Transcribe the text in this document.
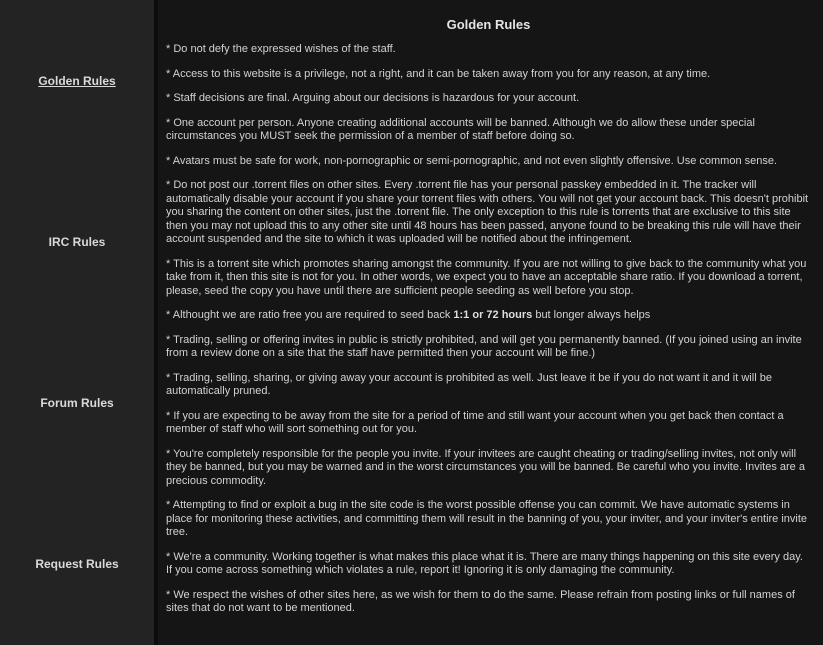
Golden Rules
IRC Rules
Forum Rules
Request Rules
Golden Rules

* Do not defy the expressed wishes of the staff.

* Access to this website is a privilege, not a right, and it can be taken away from you for any reason, at any time.

* Staff decisions are final. Arguing about our decisions is hazardous for your account.

* One account per person. Anyone creating additional accounts will be banned. Although we do allow these under special circumstances you MUST seek the permission of a member of staff before doing so.

* Avatars must be safe for work, non-pornographic or semi-pornographic, and not even slightly offensive. Use common sense.

* Do not post our .torrent files on other sites. Every .torrent file has your personal passkey embedded in it. The tracker will automatically disable your account if you share your torrent files with others. You will not get your account back. This doesn't prohibit you sharing the content on other sites, just the .torrent file. The only exception to this rule is torrents that are exclusive to this site then you may not upload this to any other site until 48 hours has been passed, anyone found to be breaking this rule will have their account suspended and the site to which it was uploaded will be notified about the infringement.

* This is a torrent site which promotes sharing amongst the community. If you are not willing to give back to the community what you take from it, then this site is not for you. In other words, we expect you to have an acceptable share ratio. If you download a torrent, please, seed the copy you have until there are sufficient people seeding as well before you stop.

* Althought we are ratio free you are required to seed back 1:1 or 72 hours but longer always helps

* Trading, selling or offering invites in public is strictly prohibited, and will get you permanently banned. (If you joined using an invite from a review done on a site that the staff have permitted then your account will be fine.)

* Trading, selling, sharing, or giving away your account is prohibited as well. Just leave it be if you do not want it and it will be automatically pruned.

* If you are expecting to be away from the site for a period of time and still want your account when you get back then contact a member of staff who will sort something out for you.

* You're completely responsible for the people you invite. If your invitees are caught cheating or trading/selling invites, not only will they be banned, but you may be warned and in the worst circumstances you will be banned. Be careful who you invite. Invites are a precious commodity.

* Attempting to find or exploit a bug in the site code is the worst possible offense you can commit. We have automatic systems in place for monitoring these activities, and committing them will result in the banning of you, your inviter, and your inviter's entire invite tree.

* We're a community. Working together is what makes this place what it is. There are many things happening on this site every day. If you come across something which violates a rule, report it! Ignoring it is only damaging the community.

* We respect the wishes of other sites here, as we wish for them to do the same. Please refrain from posting links or full names of sites that do not want to be mentioned.
